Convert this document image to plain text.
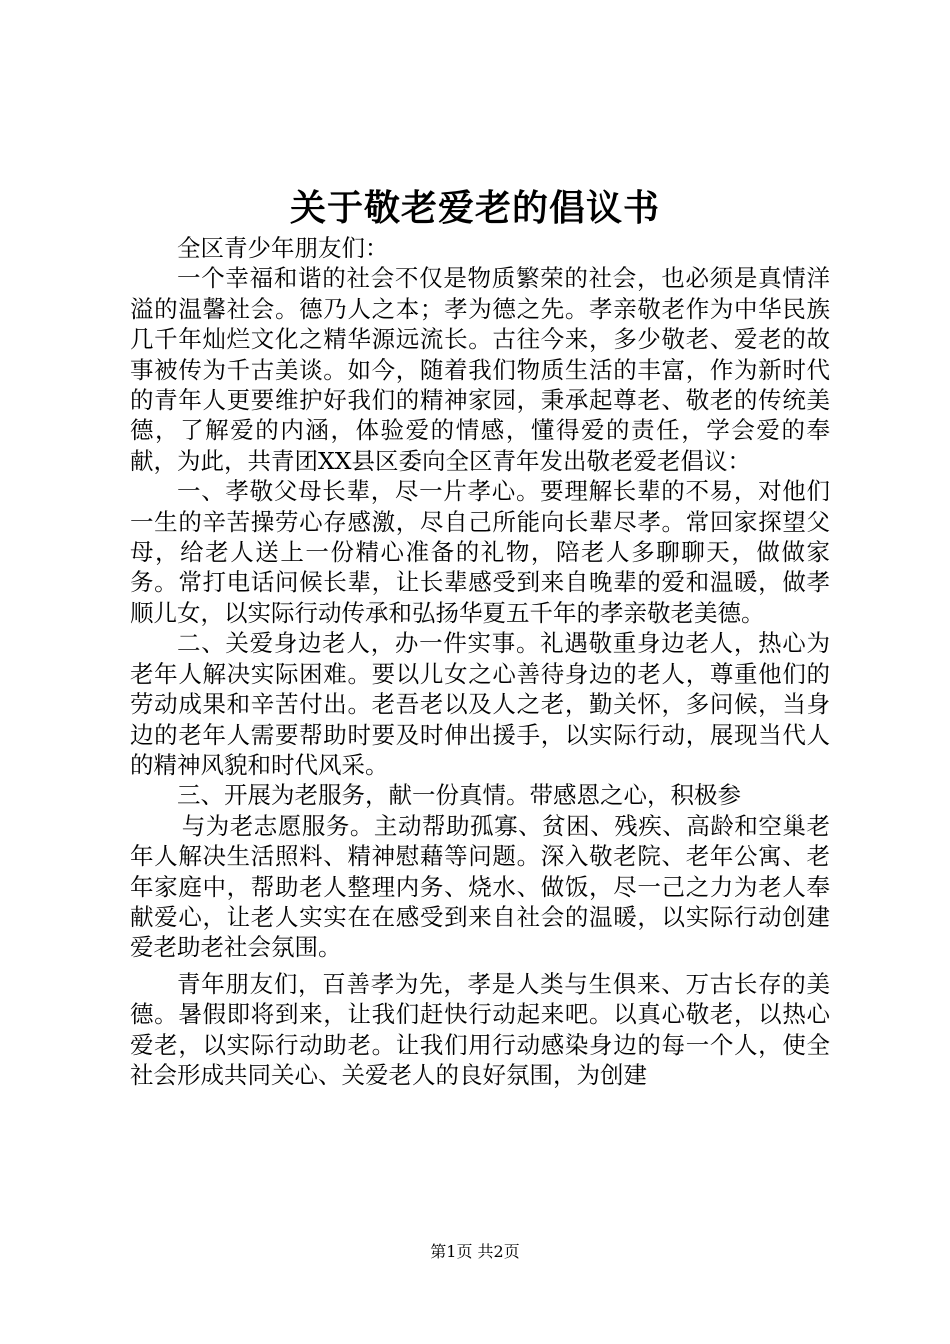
关于敬老爱老的倡议书

全区青少年朋友们：

一个幸福和谐的社会不仅是物质繁荣的社会，也必须是真情洋溢的温馨社会。德乃人之本；孝为德之先。孝亲敬老作为中华民族几千年灿烂文化之精华源远流长。古往今来，多少敬老、爱老的故事被传为千古美谈。如今，随着我们物质生活的丰富，作为新时代的青年人更要维护好我们的精神家园，秉承起尊老、敬老的传统美德，了解爱的内涵，体验爱的情感，懂得爱的责任，学会爱的奉献，为此，共青团XX县区委向全区青年发出敬老爱老倡议：

一、孝敬父母长辈，尽一片孝心。要理解长辈的不易，对他们一生的辛苦操劳心存感激，尽自己所能向长辈尽孝。常回家探望父母，给老人送上一份精心准备的礼物，陪老人多聊聊天，做做家务。常打电话问候长辈，让长辈感受到来自晚辈的爱和温暖，做孝顺儿女，以实际行动传承和弘扬华夏五千年的孝亲敬老美德。

二、关爱身边老人，办一件实事。礼遇敬重身边老人，热心为老年人解决实际困难。要以儿女之心善待身边的老人，尊重他们的劳动成果和辛苦付出。老吾老以及人之老，勤关怀，多问候，当身边的老年人需要帮助时要及时伸出援手，以实际行动，展现当代人的精神风貌和时代风采。

三、开展为老服务，献一份真情。带感恩之心，积极参

与为老志愿服务。主动帮助孤寡、贫困、残疾、高龄和空巢老年人解决生活照料、精神慰藉等问题。深入敬老院、老年公寓、老年家庭中，帮助老人整理内务、烧水、做饭，尽一己之力为老人奉献爱心，让老人实实在在感受到来自社会的温暖，以实际行动创建爱老助老社会氛围。

青年朋友们，百善孝为先，孝是人类与生俱来、万古长存的美德。暑假即将到来，让我们赶快行动起来吧。以真心敬老，以热心爱老，以实际行动助老。让我们用行动感染身边的每一个人，使全社会形成共同关心、关爱老人的良好氛围，为创建

第1页 共2页
